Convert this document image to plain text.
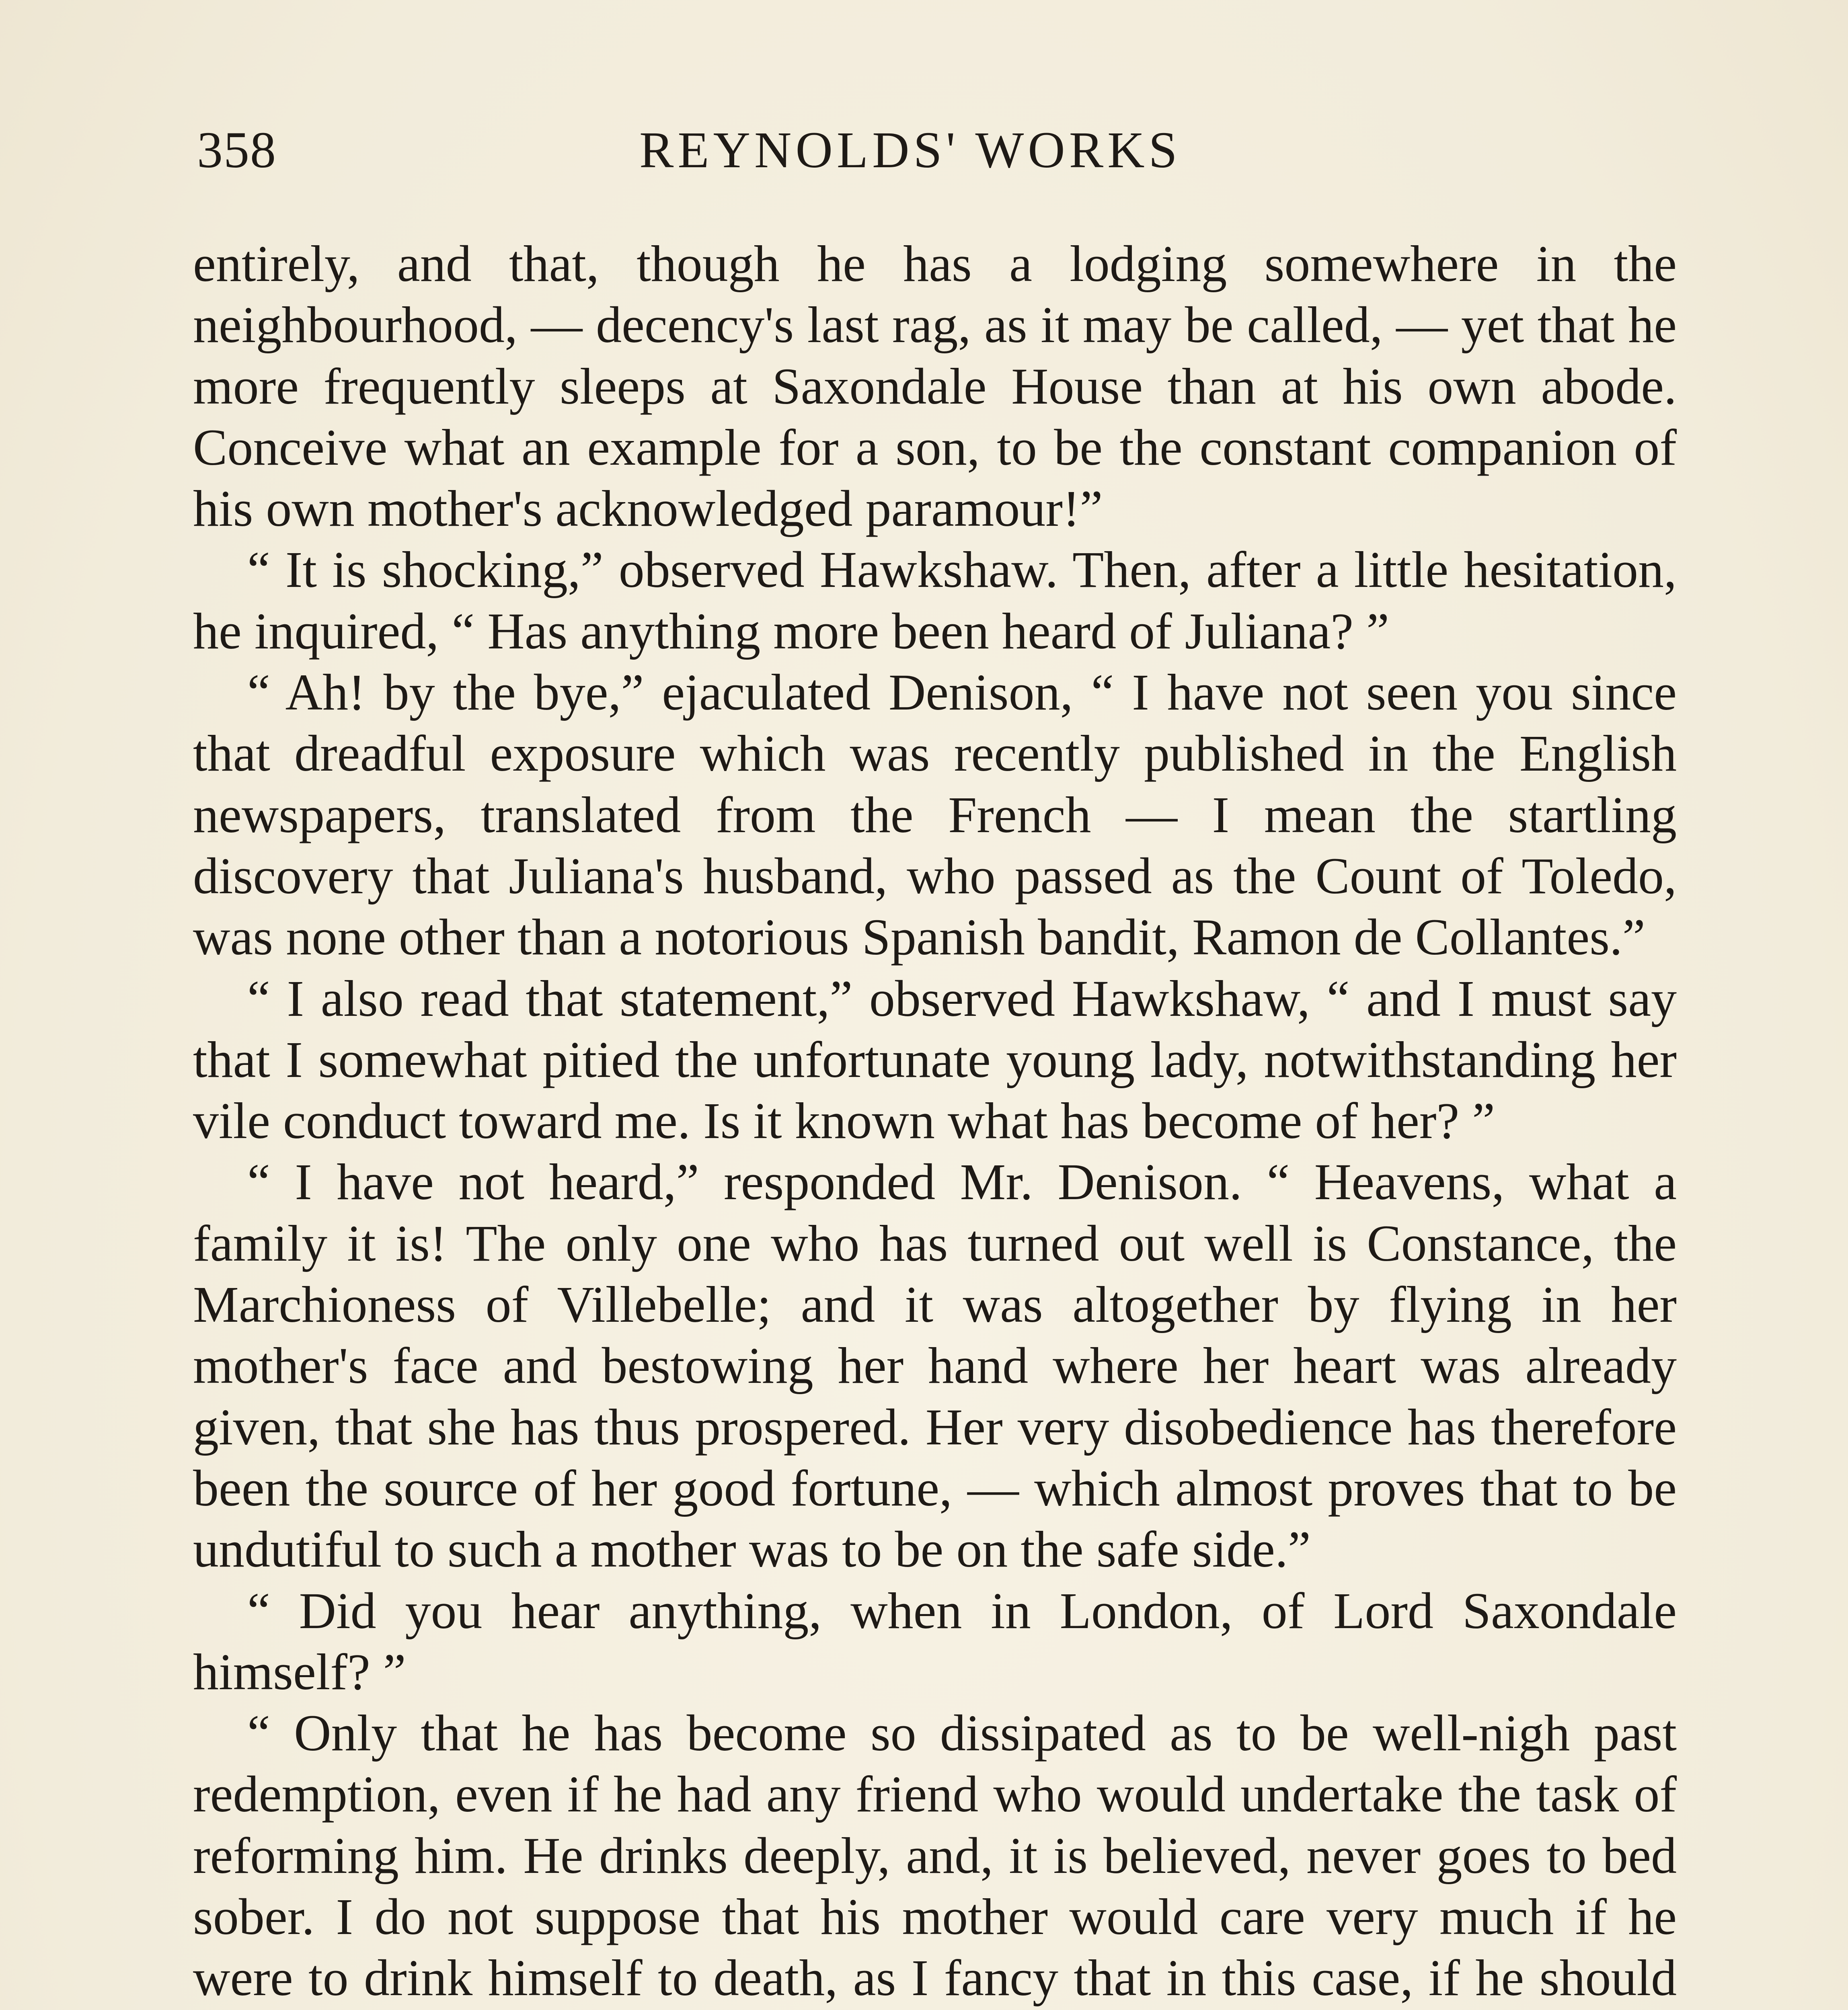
358	REYNOLDS' WORKS

entirely, and that, though he has a lodging somewhere in the neighbourhood, — decency's last rag, as it may be called, — yet that he more frequently sleeps at Saxondale House than at his own abode. Conceive what an example for a son, to be the constant companion of his own mother's acknowledged paramour!”

“ It is shocking,” observed Hawkshaw. Then, after a little hesitation, he inquired, “ Has anything more been heard of Juliana? ”

“ Ah! by the bye,” ejaculated Denison, “ I have not seen you since that dreadful exposure which was recently published in the English newspapers, translated from the French — I mean the startling discovery that Juliana's husband, who passed as the Count of Toledo, was none other than a notorious Spanish bandit, Ramon de Collantes.”

“ I also read that statement,” observed Hawkshaw, “ and I must say that I somewhat pitied the unfortunate young lady, notwithstanding her vile conduct toward me. Is it known what has become of her? ”

“ I have not heard,” responded Mr. Denison. “ Heavens, what a family it is! The only one who has turned out well is Constance, the Marchioness of Villebelle; and it was altogether by flying in her mother's face and bestowing her hand where her heart was already given, that she has thus prospered. Her very disobedience has therefore been the source of her good fortune, — which almost proves that to be undutiful to such a mother was to be on the safe side.”

“ Did you hear anything, when in London, of Lord Saxondale himself? ”

“ Only that he has become so dissipated as to be well-nigh past redemption, even if he had any friend who would undertake the task of reforming him. He drinks deeply, and, it is believed, never goes to bed sober. I do not suppose that his mother would care very much if he were to drink himself to death, as I fancy that in this case, if he should
